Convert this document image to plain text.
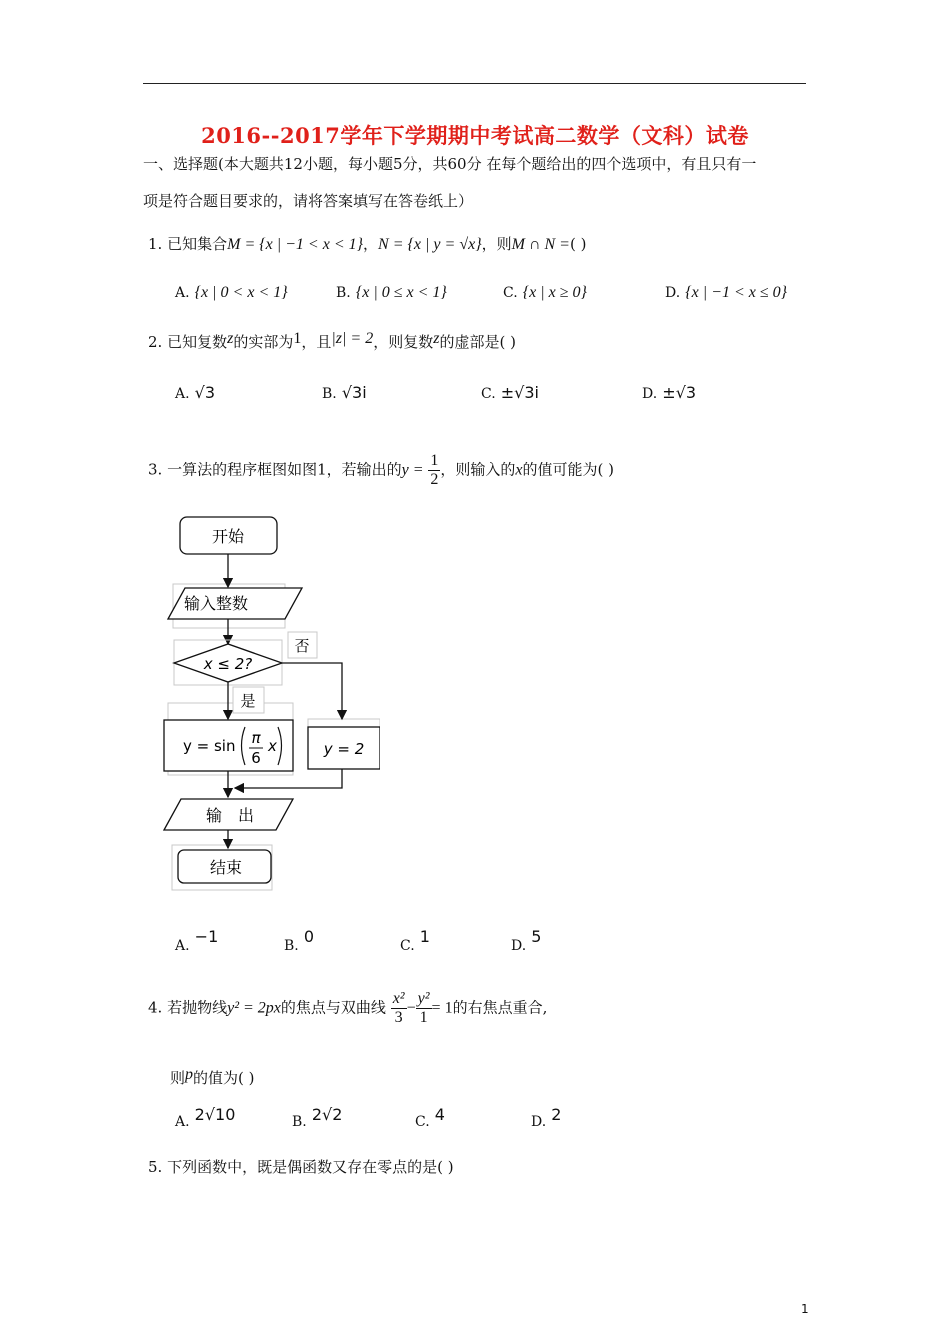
2016--2017学年下学期期中考试高二数学（文科）试卷
一、选择题(本大题共12小题，每小题5分，共60分 在每个题给出的四个选项中，有且只有一
项是符合题目要求的，请将答案填写在答卷纸上）
1. 已知集合M = {x | −1 < x < 1}，N = {x | y = √x}，则M ∩ N =( )
A. {x | 0 < x < 1}	B. {x | 0 ≤ x < 1}	C. {x | x ≥ 0}	D. {x | −1 < x ≤ 0}
2. 已知复数z的实部为1，且|z| = 2，则复数z的虚部是( )
A. √3	B. √3i	C. ±√3i	D. ±√3
3. 一算法的程序框图如图1，若输出的$y = \frac{1}{2}$ ，则输入的x的值可能为( )
开始
输入整数
否
x ≤ 2?
是
y = sin π
6
x	y = 2
输　出
结束
A. −1	B. 0	C. 1	D. 5
4. 若抛物线y² = 2px的焦点与双曲线 $\frac{\text{x²}}{3} - \frac{\text{y²}}{1} = 1$的右焦点重合,
则p的值为( )
A. 2√10	B. 2√2	C. 4	D. 2
5. 下列函数中，既是偶函数又存在零点的是( )
1
